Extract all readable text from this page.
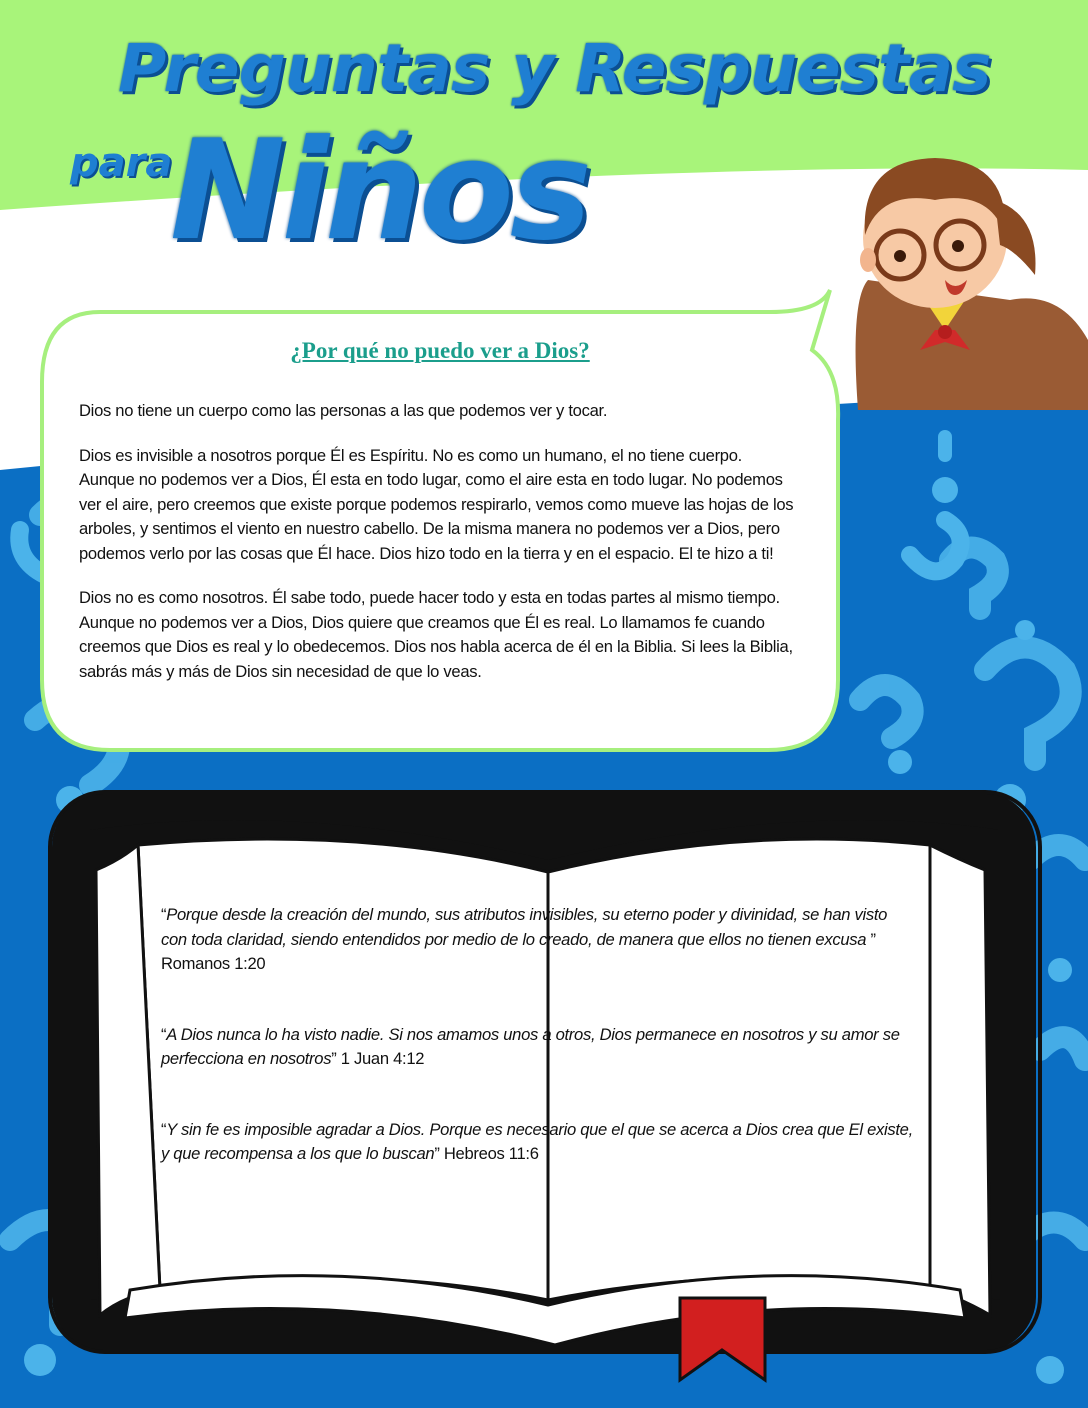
Preguntas y Respuestas
para
Niños
¿Por qué no puedo ver a Dios?

Dios no tiene un cuerpo como las personas a las que podemos ver y tocar.

Dios es invisible a nosotros porque Él es Espíritu. No es como un humano, el no tiene cuerpo. Aunque no podemos ver a Dios, Él esta en todo lugar, como el aire esta en todo lugar. No podemos ver el aire, pero creemos que existe porque podemos respirarlo, vemos como mueve las hojas de los arboles, y sentimos el viento en nuestro cabello. De la misma manera no podemos ver a Dios, pero podemos verlo por las cosas que Él hace. Dios hizo todo en la tierra y en el espacio. El te hizo a ti!

Dios no es como nosotros. Él sabe todo, puede hacer todo y esta en todas partes al mismo tiempo. Aunque no podemos ver a Dios, Dios quiere que creamos que Él es real. Lo llamamos fe cuando creemos que Dios es real y lo obedecemos. Dios nos habla acerca de él en la Biblia. Si lees la Biblia, sabrás más y más de Dios sin necesidad de que lo veas.

“Porque desde la creación del mundo, sus atributos invisibles, su eterno poder y divinidad, se han visto con toda claridad, siendo entendidos por medio de lo creado, de manera que ellos no tienen excusa ” Romanos 1:20
“A Dios nunca lo ha visto nadie. Si nos amamos unos a otros, Dios permanece en nosotros y su amor se perfecciona en nosotros” 1 Juan 4:12
“Y sin fe es imposible agradar a Dios. Porque es necesario que el que se acerca a Dios crea que El existe, y que recompensa a los que lo buscan” Hebreos 11:6
